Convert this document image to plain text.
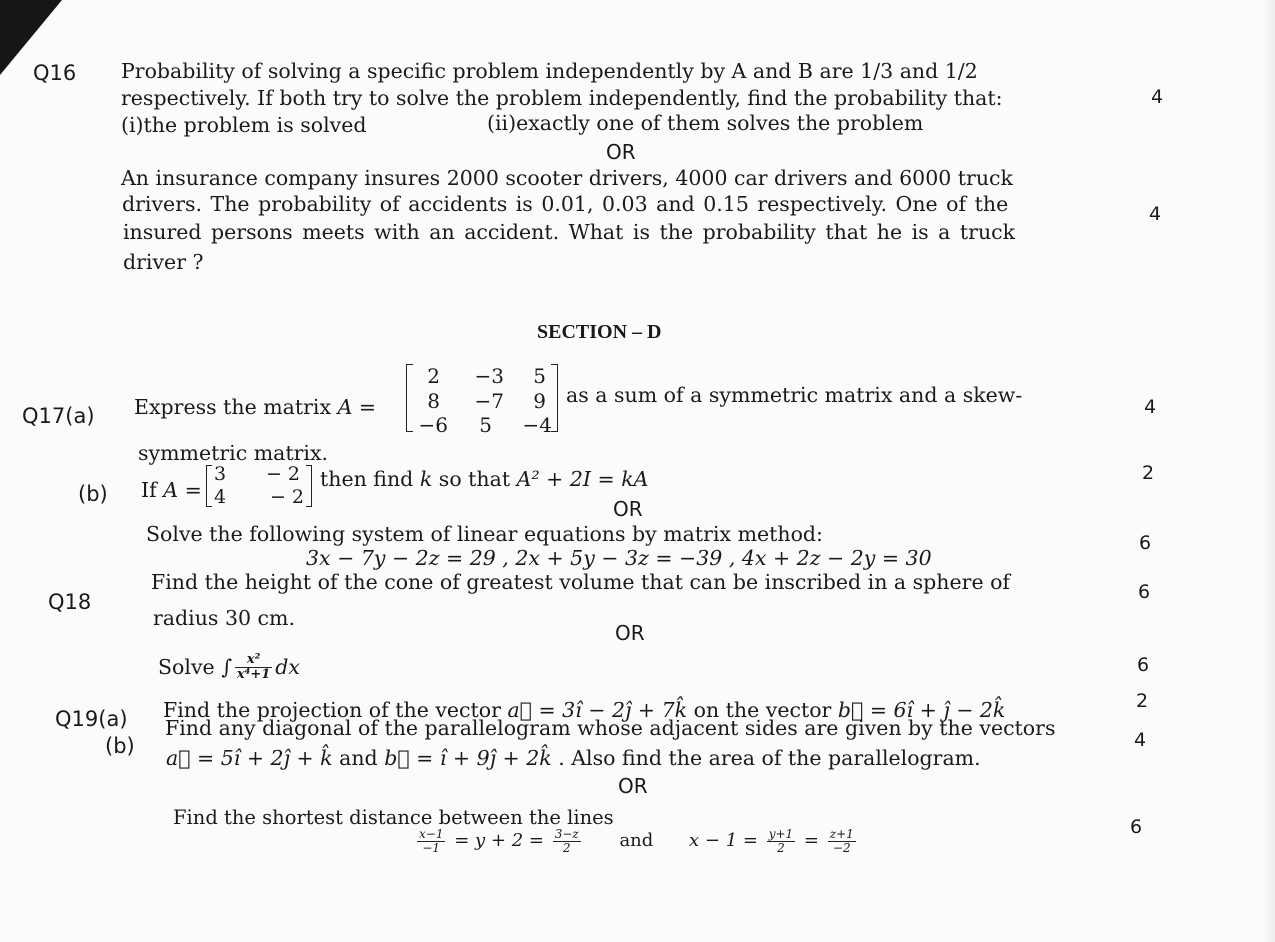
Q16 Probability of solving a specific problem independently by A and B are 1/3 and 1/2
respectively. If both try to solve the problem independently, find the probability that:
(i)the problem is solved	(ii)exactly one of them solves the problem
4
OR
An insurance company insures 2000 scooter drivers, 4000 car drivers and 6000 truck
drivers. The probability of accidents is 0.01, 0.03 and 0.15 respectively. One of the
insured persons meets with an accident. What is the probability that he is a truck
driver ?
4
SECTION – D
Q17(a) Express the matrix A =
2	−3	5
8	−7	9
−6	5	−4
as a sum of a symmetric matrix and a skew-	4
symmetric matrix.
(b) If A =
3	− 2
4	− 2
then find k so that A² + 2I = kA	2
OR
Solve the following system of linear equations by matrix method:
3x − 7y − 2z = 29 , 2x + 5y − 3z = −39 , 4x + 2z − 2y = 30
6
Q18
Find the height of the cone of greatest volume that can be inscribed in a sphere of
radius 30 cm.
6
OR
Solve ∫ $\frac{\text{x²}}{\text{x⁴+1}}$ dx	6
Q19(a) Find the projection of the vector a⃗ = 3î − 2ĵ + 7k̂ on the vector b⃗ = 6î + ĵ − 2k̂	2
(b)
Find any diagonal of the parallelogram whose adjacent sides are given by the vectors
a⃗ = 5î + 2ĵ + k̂ and b⃗ = î + 9ĵ + 2k̂ . Also find the area of the parallelogram.
4
OR
Find the shortest distance between the lines
$\frac{x-1}{-1} = y + 2 = \frac{3-z}{2}$ and $x - 1 = \frac{y+1}{2} = \frac{z+1}{-2}$
6
